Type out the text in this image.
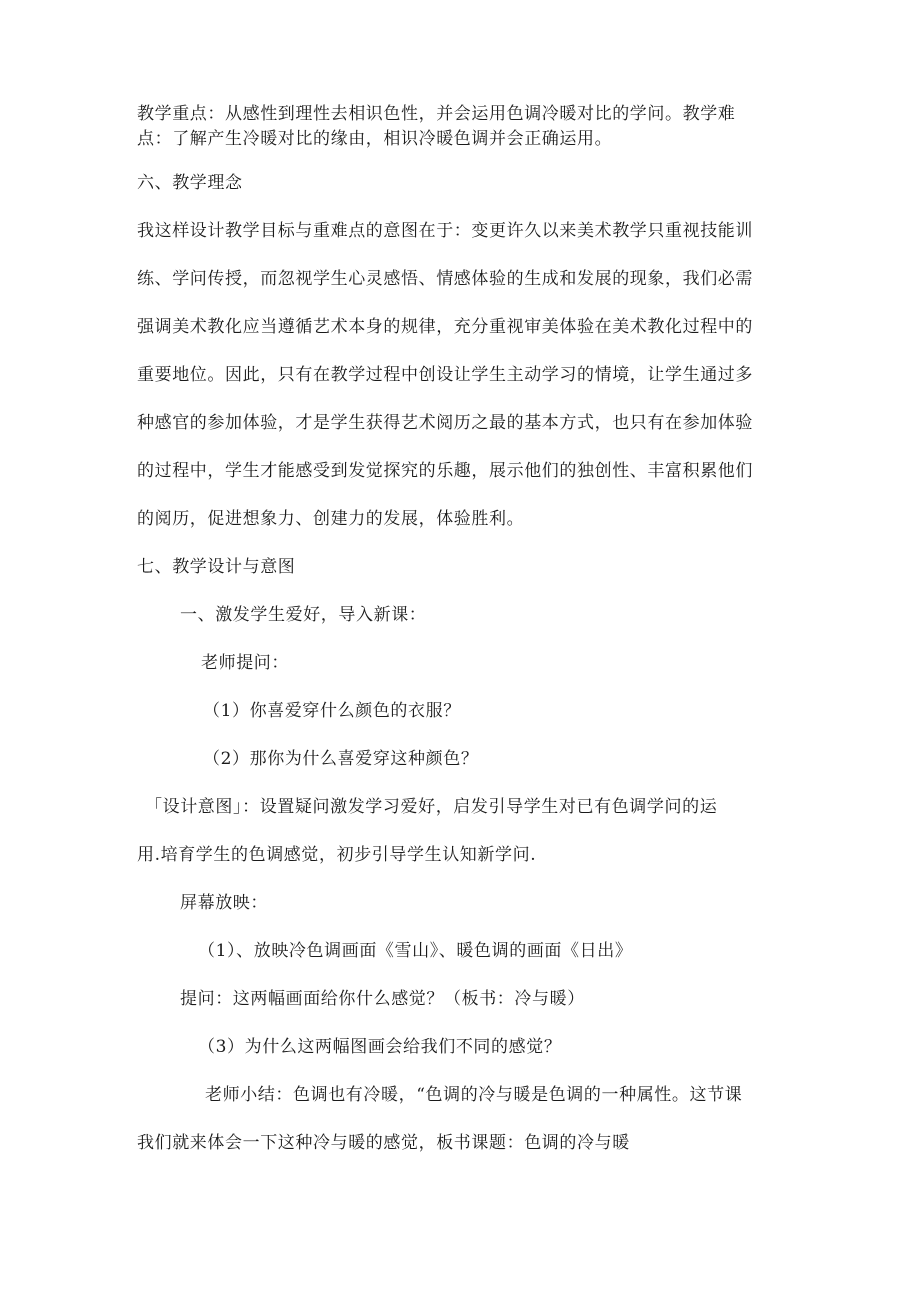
教学重点：从感性到理性去相识色性，并会运用色调冷暖对比的学问。教学难
点：了解产生冷暖对比的缘由，相识冷暖色调并会正确运用。
六、教学理念
我这样设计教学目标与重难点的意图在于：变更许久以来美术教学只重视技能训
练、学问传授，而忽视学生心灵感悟、情感体验的生成和发展的现象，我们必需
强调美术教化应当遵循艺术本身的规律，充分重视审美体验在美术教化过程中的
重要地位。因此，只有在教学过程中创设让学生主动学习的情境，让学生通过多
种感官的参加体验，才是学生获得艺术阅历之最的基本方式，也只有在参加体验
的过程中，学生才能感受到发觉探究的乐趣，展示他们的独创性、丰富积累他们
的阅历，促进想象力、创建力的发展，体验胜利。
七、教学设计与意图
一、激发学生爱好，导入新课：
老师提问：
（1）你喜爱穿什么颜色的衣服？
（2）那你为什么喜爱穿这种颜色？
「设计意图」：设置疑问激发学习爱好，启发引导学生对已有色调学问的运
用.培育学生的色调感觉，初步引导学生认知新学问.
屏幕放映：
（1）、放映冷色调画面《雪山》、暖色调的画面《日出》
提问：这两幅画面给你什么感觉？（板书：冷与暖）
（3）为什么这两幅图画会给我们不同的感觉？
老师小结：色调也有冷暖，“色调的冷与暖是色调的一种属性。这节课
我们就来体会一下这种冷与暖的感觉，板书课题：色调的冷与暖
